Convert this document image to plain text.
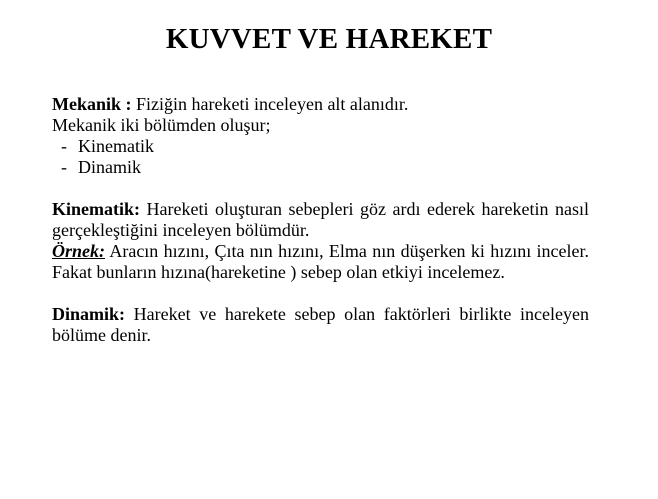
KUVVET VE HAREKET

Mekanik : Fiziğin hareketi inceleyen alt alanıdır.

Mekanik iki bölümden oluşur;

- Kinematik
- Dinamik

Kinematik: Hareketi oluşturan sebepleri göz ardı ederek hareketin nasıl gerçekleştiğini inceleyen bölümdür.

Örnek: Aracın hızını, Çıta nın hızını, Elma nın düşerken ki hızını inceler. Fakat bunların hızına(hareketine ) sebep olan etkiyi incelemez.

Dinamik: Hareket ve harekete sebep olan faktörleri birlikte inceleyen bölüme denir.
